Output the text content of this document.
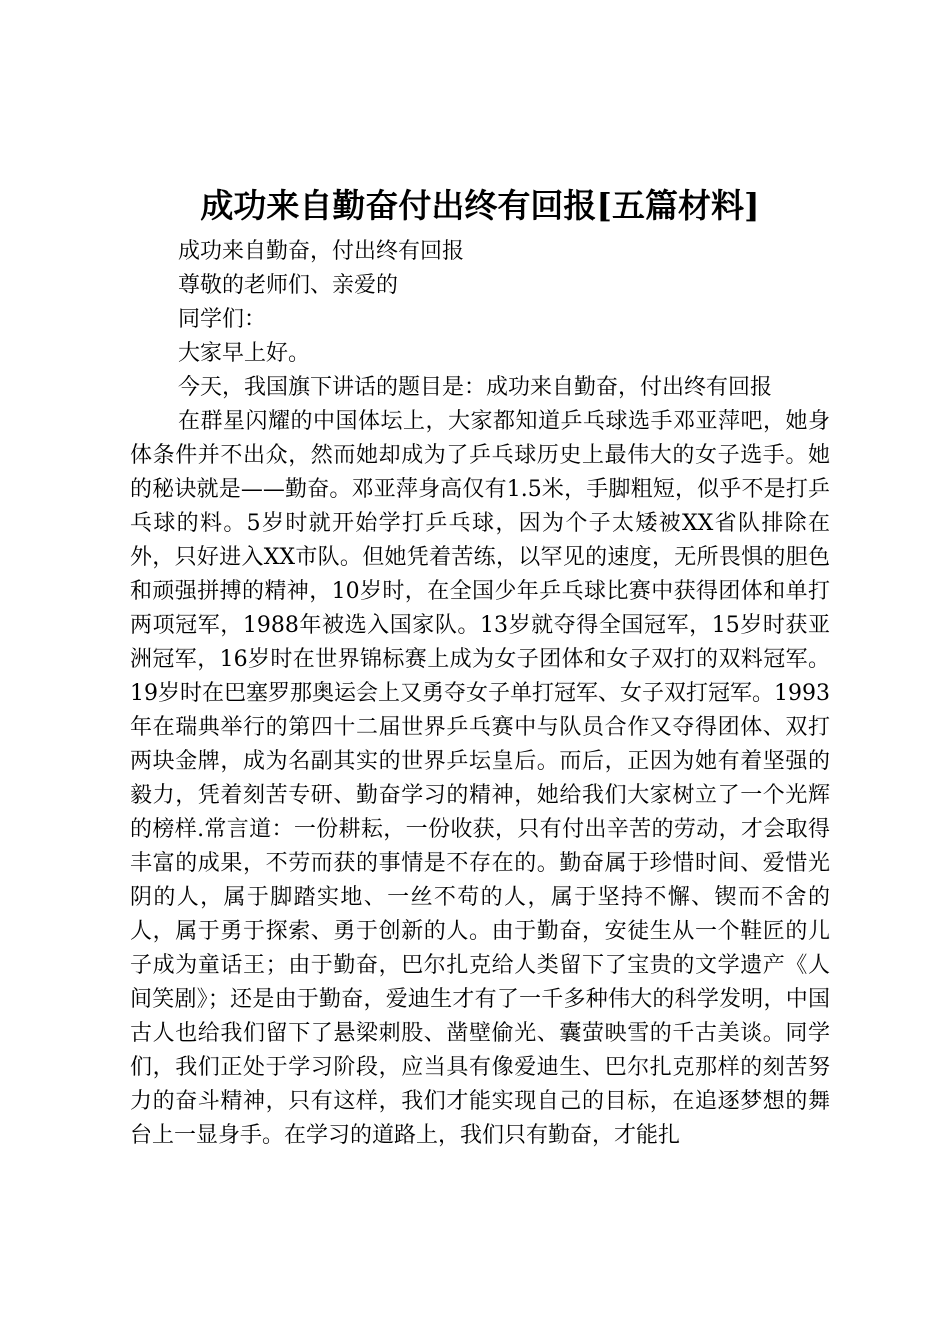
成功来自勤奋付出终有回报[五篇材料]

成功来自勤奋，付出终有回报

尊敬的老师们、亲爱的

同学们：

大家早上好。

今天，我国旗下讲话的题目是：成功来自勤奋，付出终有回报

在群星闪耀的中国体坛上，大家都知道乒乓球选手邓亚萍吧，她身体条件并不出众，然而她却成为了乒乓球历史上最伟大的女子选手。她的秘诀就是——勤奋。邓亚萍身高仅有1.5米，手脚粗短，似乎不是打乒乓球的料。5岁时就开始学打乒乓球，因为个子太矮被XX省队排除在外，只好进入XX市队。但她凭着苦练，以罕见的速度，无所畏惧的胆色和顽强拼搏的精神，10岁时，在全国少年乒乓球比赛中获得团体和单打两项冠军，1988年被选入国家队。13岁就夺得全国冠军，15岁时获亚洲冠军，16岁时在世界锦标赛上成为女子团体和女子双打的双料冠军。19岁时在巴塞罗那奥运会上又勇夺女子单打冠军、女子双打冠军。1993年在瑞典举行的第四十二届世界乒乓赛中与队员合作又夺得团体、双打两块金牌，成为名副其实的世界乒坛皇后。而后，正因为她有着坚强的毅力，凭着刻苦专研、勤奋学习的精神，她给我们大家树立了一个光辉的榜样.常言道：一份耕耘，一份收获，只有付出辛苦的劳动，才会取得丰富的成果，不劳而获的事情是不存在的。勤奋属于珍惜时间、爱惜光阴的人，属于脚踏实地、一丝不苟的人，属于坚持不懈、锲而不舍的人，属于勇于探索、勇于创新的人。由于勤奋，安徒生从一个鞋匠的儿子成为童话王；由于勤奋，巴尔扎克给人类留下了宝贵的文学遗产《人间笑剧》；还是由于勤奋，爱迪生才有了一千多种伟大的科学发明，中国古人也给我们留下了悬梁刺股、凿壁偷光、囊萤映雪的千古美谈。同学们，我们正处于学习阶段，应当具有像爱迪生、巴尔扎克那样的刻苦努力的奋斗精神，只有这样，我们才能实现自己的目标，在追逐梦想的舞台上一显身手。在学习的道路上，我们只有勤奋，才能扎
